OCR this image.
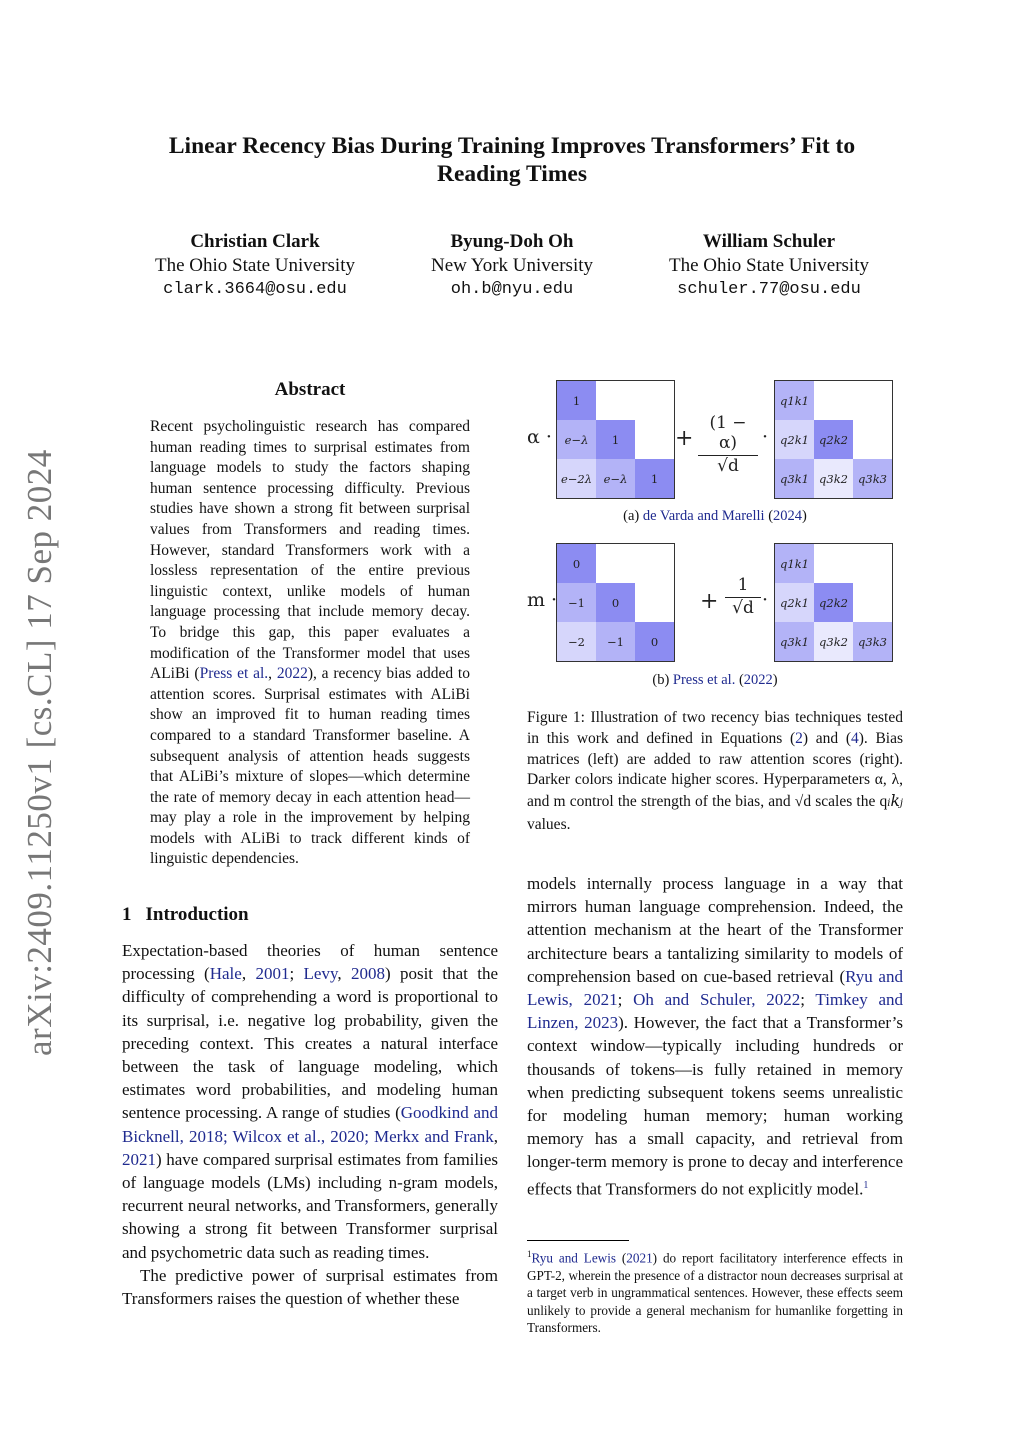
Linear Recency Bias During Training Improves Transformers’ Fit to
Reading Times
Christian Clark
The Ohio State University
clark.3664@osu.edu
Byung-Doh Oh
New York University
oh.b@nyu.edu
William Schuler
The Ohio State University
schuler.77@osu.edu
arXiv:2409.11250v1 [cs.CL] 17 Sep 2024
Abstract
Recent psycholinguistic research has compared human reading times to surprisal estimates from language models to study the factors shaping human sentence processing difficulty. Previous studies have shown a strong fit between surprisal values from Transformers and reading times. However, standard Transformers work with a lossless representation of the entire previous linguistic context, unlike models of human language processing that include memory decay. To bridge this gap, this paper evaluates a modification of the Transformer model that uses ALiBi (Press et al., 2022), a recency bias added to attention scores. Surprisal estimates with ALiBi show an improved fit to human reading times compared to a standard Transformer baseline. A subsequent analysis of attention heads suggests that ALiBi’s mixture of slopes—which determine the rate of memory decay in each attention head—may play a role in the improvement by helping models with ALiBi to track different kinds of linguistic dependencies.
1 Introduction

Expectation-based theories of human sentence processing (Hale, 2001; Levy, 2008) posit that the difficulty of comprehending a word is proportional to its surprisal, i.e. negative log probability, given the preceding context. This creates a natural interface between the task of language modeling, which estimates word probabilities, and modeling human sentence processing. A range of studies (Goodkind and Bicknell, 2018; Wilcox et al., 2020; Merkx and Frank, 2021) have compared surprisal estimates from families of language models (LMs) including n-gram models, recurrent neural networks, and Transformers, generally showing a strong fit between Transformer surprisal and psychometric data such as reading times.

The predictive power of surprisal estimates from Transformers raises the question of whether these

models internally process language in a way that mirrors human language comprehension. Indeed, the attention mechanism at the heart of the Transformer architecture bears a tantalizing similarity to models of comprehension based on cue-based retrieval (Ryu and Lewis, 2021; Oh and Schuler, 2022; Timkey and Linzen, 2023). However, the fact that a Transformer’s context window—typically including hundreds or thousands of tokens—is fully retained in memory when predicting subsequent tokens seems unrealistic for modeling human memory; human working memory has a small capacity, and retrieval from longer-term memory is prone to decay and interference effects that Transformers do not explicitly model.$^1$
$^1$Ryu and Lewis (2021) do report facilitatory interference effects in GPT-2, wherein the presence of a distractor noun decreases surprisal at a target verb in ungrammatical sentences. However, these effects seem unlikely to provide a general mechanism for humanlike forgetting in Transformers.
α ·
1
e−λ	1
e−2λ	e−λ	1
+ $\frac{(1 - \alpha)}{√d}$ ·
q1k1
q2k1 q2k2
q3k1 q3k2 q3k3
(a) de Varda and Marelli (2024)
m ·
0
−1	0
−2	−1	0
+ $\frac{1}{√d}$ ·
q1k1
q2k1 q2k2
q3k1 q3k2 q3k3
(b) Press et al. (2022)
Figure 1: Illustration of two recency bias techniques tested in this work and defined in Equations (2) and (4). Bias matrices (left) are added to raw attention scores (right). Darker colors indicate higher scores. Hyperparameters α, λ, and m control the strength of the bias, and √d scales the qikj values.
